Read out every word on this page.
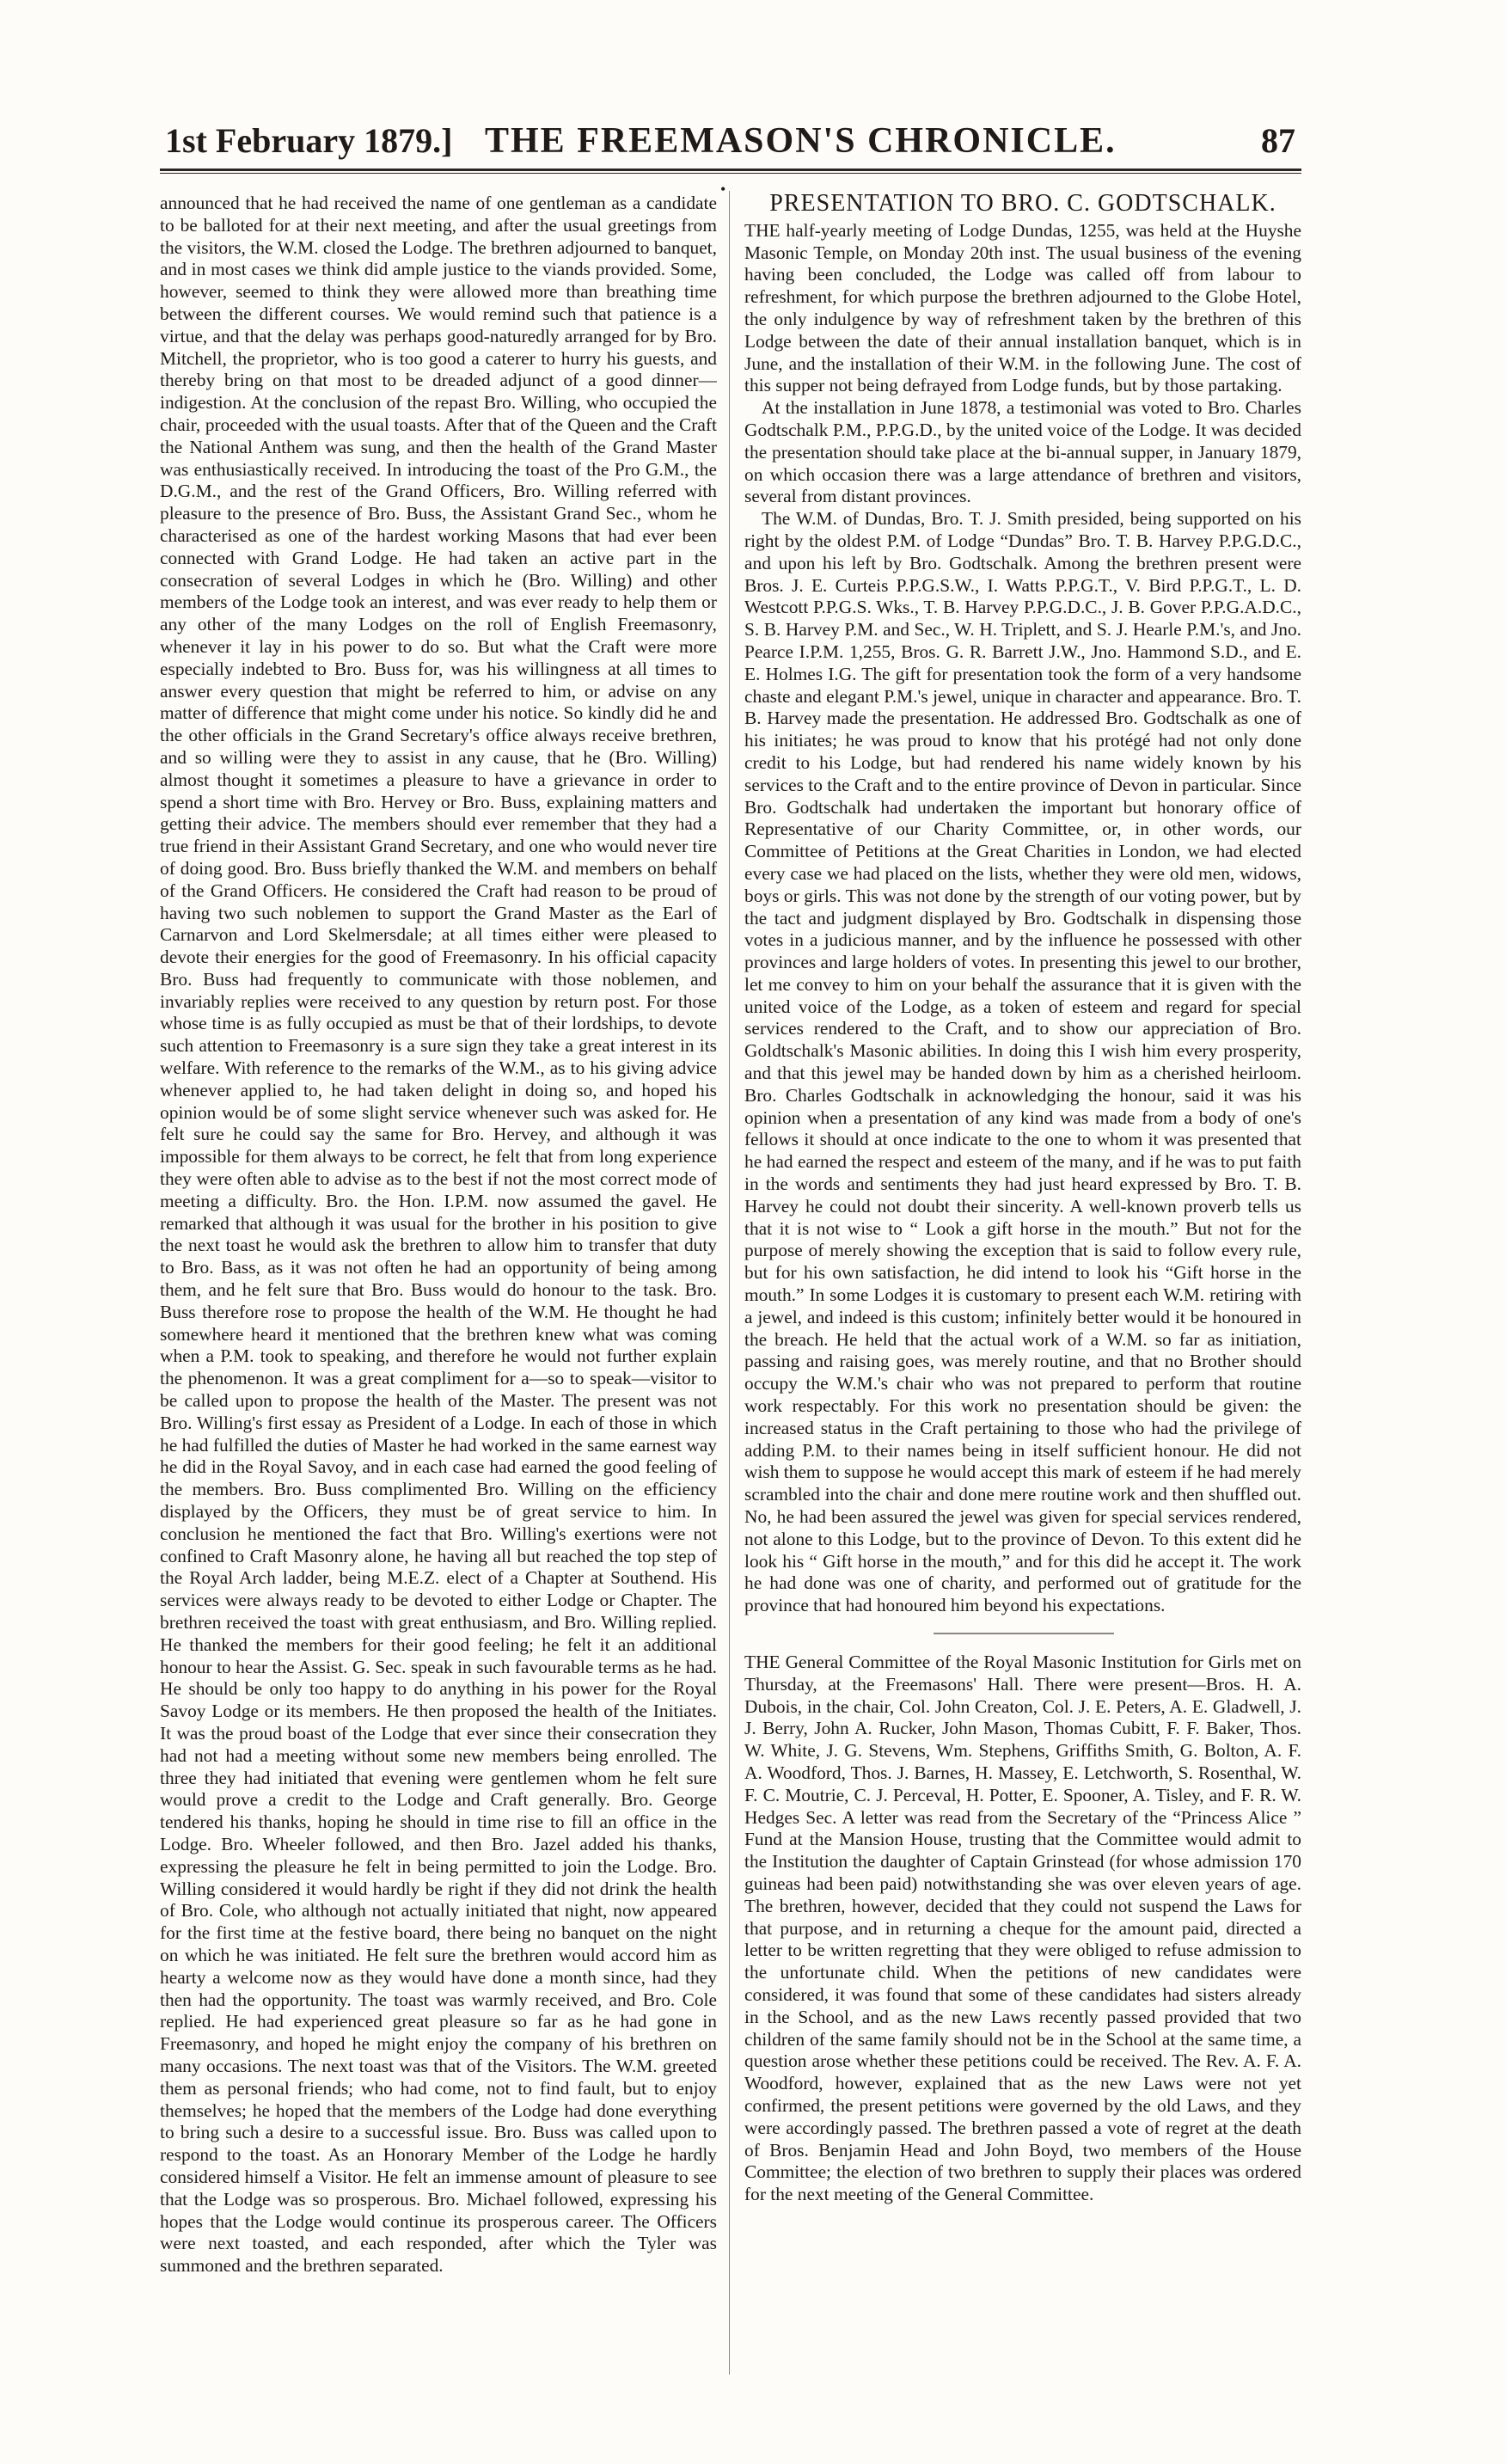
1st February 1879.] THE FREEMASON'S CHRONICLE.	87
•

announced that he had received the name of one gentleman as a candidate to be balloted for at their next meeting, and after the usual greetings from the visitors, the W.M. closed the Lodge. The brethren adjourned to banquet, and in most cases we think did ample justice to the viands provided. Some, however, seemed to think they were allowed more than breathing time between the different courses. We would remind such that patience is a virtue, and that the delay was perhaps good-naturedly arranged for by Bro. Mitchell, the proprietor, who is too good a caterer to hurry his guests, and thereby bring on that most to be dreaded adjunct of a good dinner—indigestion. At the conclusion of the repast Bro. Willing, who occupied the chair, proceeded with the usual toasts. After that of the Queen and the Craft the National Anthem was sung, and then the health of the Grand Master was enthusiastically received. In introducing the toast of the Pro G.M., the D.G.M., and the rest of the Grand Officers, Bro. Willing referred with pleasure to the presence of Bro. Buss, the Assistant Grand Sec., whom he characterised as one of the hardest working Masons that had ever been connected with Grand Lodge. He had taken an active part in the consecration of several Lodges in which he (Bro. Willing) and other members of the Lodge took an interest, and was ever ready to help them or any other of the many Lodges on the roll of English Freemasonry, whenever it lay in his power to do so. But what the Craft were more especially indebted to Bro. Buss for, was his willingness at all times to answer every question that might be referred to him, or advise on any matter of difference that might come under his notice. So kindly did he and the other officials in the Grand Secretary's office always receive brethren, and so willing were they to assist in any cause, that he (Bro. Willing) almost thought it sometimes a pleasure to have a grievance in order to spend a short time with Bro. Hervey or Bro. Buss, explaining matters and getting their advice. The members should ever remember that they had a true friend in their Assistant Grand Secretary, and one who would never tire of doing good. Bro. Buss briefly thanked the W.M. and members on behalf of the Grand Officers. He considered the Craft had reason to be proud of having two such noblemen to support the Grand Master as the Earl of Carnarvon and Lord Skelmersdale; at all times either were pleased to devote their energies for the good of Freemasonry. In his official capacity Bro. Buss had frequently to communicate with those noblemen, and invariably replies were received to any question by return post. For those whose time is as fully occupied as must be that of their lordships, to devote such attention to Freemasonry is a sure sign they take a great interest in its welfare. With reference to the remarks of the W.M., as to his giving advice whenever applied to, he had taken delight in doing so, and hoped his opinion would be of some slight service whenever such was asked for. He felt sure he could say the same for Bro. Hervey, and although it was impossible for them always to be correct, he felt that from long experience they were often able to advise as to the best if not the most correct mode of meeting a difficulty. Bro. the Hon. I.P.M. now assumed the gavel. He remarked that although it was usual for the brother in his position to give the next toast he would ask the brethren to allow him to transfer that duty to Bro. Bass, as it was not often he had an opportunity of being among them, and he felt sure that Bro. Buss would do honour to the task. Bro. Buss therefore rose to propose the health of the W.M. He thought he had somewhere heard it mentioned that the brethren knew what was coming when a P.M. took to speaking, and therefore he would not further explain the phenomenon. It was a great compliment for a—so to speak—visitor to be called upon to propose the health of the Master. The present was not Bro. Willing's first essay as President of a Lodge. In each of those in which he had fulfilled the duties of Master he had worked in the same earnest way he did in the Royal Savoy, and in each case had earned the good feeling of the members. Bro. Buss complimented Bro. Willing on the efficiency displayed by the Officers, they must be of great service to him. In conclusion he mentioned the fact that Bro. Willing's exertions were not confined to Craft Masonry alone, he having all but reached the top step of the Royal Arch ladder, being M.E.Z. elect of a Chapter at Southend. His services were always ready to be devoted to either Lodge or Chapter. The brethren received the toast with great enthusiasm, and Bro. Willing replied. He thanked the members for their good feeling; he felt it an additional honour to hear the Assist. G. Sec. speak in such favourable terms as he had. He should be only too happy to do anything in his power for the Royal Savoy Lodge or its members. He then proposed the health of the Initiates. It was the proud boast of the Lodge that ever since their consecration they had not had a meeting without some new members being enrolled. The three they had initiated that evening were gentlemen whom he felt sure would prove a credit to the Lodge and Craft generally. Bro. George tendered his thanks, hoping he should in time rise to fill an office in the Lodge. Bro. Wheeler followed, and then Bro. Jazel added his thanks, expressing the pleasure he felt in being permitted to join the Lodge. Bro. Willing considered it would hardly be right if they did not drink the health of Bro. Cole, who although not actually initiated that night, now appeared for the first time at the festive board, there being no banquet on the night on which he was initiated. He felt sure the brethren would accord him as hearty a welcome now as they would have done a month since, had they then had the opportunity. The toast was warmly received, and Bro. Cole replied. He had experienced great pleasure so far as he had gone in Freemasonry, and hoped he might enjoy the company of his brethren on many occasions. The next toast was that of the Visitors. The W.M. greeted them as personal friends; who had come, not to find fault, but to enjoy themselves; he hoped that the members of the Lodge had done everything to bring such a desire to a successful issue. Bro. Buss was called upon to respond to the toast. As an Honorary Member of the Lodge he hardly considered himself a Visitor. He felt an immense amount of pleasure to see that the Lodge was so prosperous. Bro. Michael followed, expressing his hopes that the Lodge would continue its prosperous career. The Officers were next toasted, and each responded, after which the Tyler was summoned and the brethren separated.

PRESENTATION TO BRO. C. GODTSCHALK.

THE half-yearly meeting of Lodge Dundas, 1255, was held at the Huyshe Masonic Temple, on Monday 20th inst. The usual business of the evening having been concluded, the Lodge was called off from labour to refreshment, for which purpose the brethren adjourned to the Globe Hotel, the only indulgence by way of refreshment taken by the brethren of this Lodge between the date of their annual installation banquet, which is in June, and the installation of their W.M. in the following June. The cost of this supper not being defrayed from Lodge funds, but by those partaking.

At the installation in June 1878, a testimonial was voted to Bro. Charles Godtschalk P.M., P.P.G.D., by the united voice of the Lodge. It was decided the presentation should take place at the bi-annual supper, in January 1879, on which occasion there was a large attendance of brethren and visitors, several from distant provinces.

The W.M. of Dundas, Bro. T. J. Smith presided, being supported on his right by the oldest P.M. of Lodge “Dundas” Bro. T. B. Harvey P.P.G.D.C., and upon his left by Bro. Godtschalk. Among the brethren present were Bros. J. E. Curteis P.P.G.S.W., I. Watts P.P.G.T., V. Bird P.P.G.T., L. D. Westcott P.P.G.S. Wks., T. B. Harvey P.P.G.D.C., J. B. Gover P.P.G.A.D.C., S. B. Harvey P.M. and Sec., W. H. Triplett, and S. J. Hearle P.M.'s, and Jno. Pearce I.P.M. 1,255, Bros. G. R. Barrett J.W., Jno. Hammond S.D., and E. E. Holmes I.G. The gift for presentation took the form of a very handsome chaste and elegant P.M.'s jewel, unique in character and appearance. Bro. T. B. Harvey made the presentation. He addressed Bro. Godtschalk as one of his initiates; he was proud to know that his protégé had not only done credit to his Lodge, but had rendered his name widely known by his services to the Craft and to the entire province of Devon in particular. Since Bro. Godtschalk had undertaken the important but honorary office of Representative of our Charity Committee, or, in other words, our Committee of Petitions at the Great Charities in London, we had elected every case we had placed on the lists, whether they were old men, widows, boys or girls. This was not done by the strength of our voting power, but by the tact and judgment displayed by Bro. Godtschalk in dispensing those votes in a judicious manner, and by the influence he possessed with other provinces and large holders of votes. In presenting this jewel to our brother, let me convey to him on your behalf the assurance that it is given with the united voice of the Lodge, as a token of esteem and regard for special services rendered to the Craft, and to show our appreciation of Bro. Goldtschalk's Masonic abilities. In doing this I wish him every prosperity, and that this jewel may be handed down by him as a cherished heirloom. Bro. Charles Godtschalk in acknowledging the honour, said it was his opinion when a presentation of any kind was made from a body of one's fellows it should at once indicate to the one to whom it was presented that he had earned the respect and esteem of the many, and if he was to put faith in the words and sentiments they had just heard expressed by Bro. T. B. Harvey he could not doubt their sincerity. A well-known proverb tells us that it is not wise to “ Look a gift horse in the mouth.” But not for the purpose of merely showing the exception that is said to follow every rule, but for his own satisfaction, he did intend to look his “Gift horse in the mouth.” In some Lodges it is customary to present each W.M. retiring with a jewel, and indeed is this custom; infinitely better would it be honoured in the breach. He held that the actual work of a W.M. so far as initiation, passing and raising goes, was merely routine, and that no Brother should occupy the W.M.'s chair who was not prepared to perform that routine work respectably. For this work no presentation should be given: the increased status in the Craft pertaining to those who had the privilege of adding P.M. to their names being in itself sufficient honour. He did not wish them to suppose he would accept this mark of esteem if he had merely scrambled into the chair and done mere routine work and then shuffled out. No, he had been assured the jewel was given for special services rendered, not alone to this Lodge, but to the province of Devon. To this extent did he look his “ Gift horse in the mouth,” and for this did he accept it. The work he had done was one of charity, and performed out of gratitude for the province that had honoured him beyond his expectations.

THE General Committee of the Royal Masonic Institution for Girls met on Thursday, at the Freemasons' Hall. There were present—Bros. H. A. Dubois, in the chair, Col. John Creaton, Col. J. E. Peters, A. E. Gladwell, J. J. Berry, John A. Rucker, John Mason, Thomas Cubitt, F. F. Baker, Thos. W. White, J. G. Stevens, Wm. Stephens, Griffiths Smith, G. Bolton, A. F. A. Woodford, Thos. J. Barnes, H. Massey, E. Letchworth, S. Rosenthal, W. F. C. Moutrie, C. J. Perceval, H. Potter, E. Spooner, A. Tisley, and F. R. W. Hedges Sec. A letter was read from the Secretary of the “Princess Alice ” Fund at the Mansion House, trusting that the Committee would admit to the Institution the daughter of Captain Grinstead (for whose admission 170 guineas had been paid) notwithstanding she was over eleven years of age. The brethren, however, decided that they could not suspend the Laws for that purpose, and in returning a cheque for the amount paid, directed a letter to be written regretting that they were obliged to refuse admission to the unfortunate child. When the petitions of new candidates were considered, it was found that some of these candidates had sisters already in the School, and as the new Laws recently passed provided that two children of the same family should not be in the School at the same time, a question arose whether these petitions could be received. The Rev. A. F. A. Woodford, however, explained that as the new Laws were not yet confirmed, the present petitions were governed by the old Laws, and they were accordingly passed. The brethren passed a vote of regret at the death of Bros. Benjamin Head and John Boyd, two members of the House Committee; the election of two brethren to supply their places was ordered for the next meeting of the General Committee.
